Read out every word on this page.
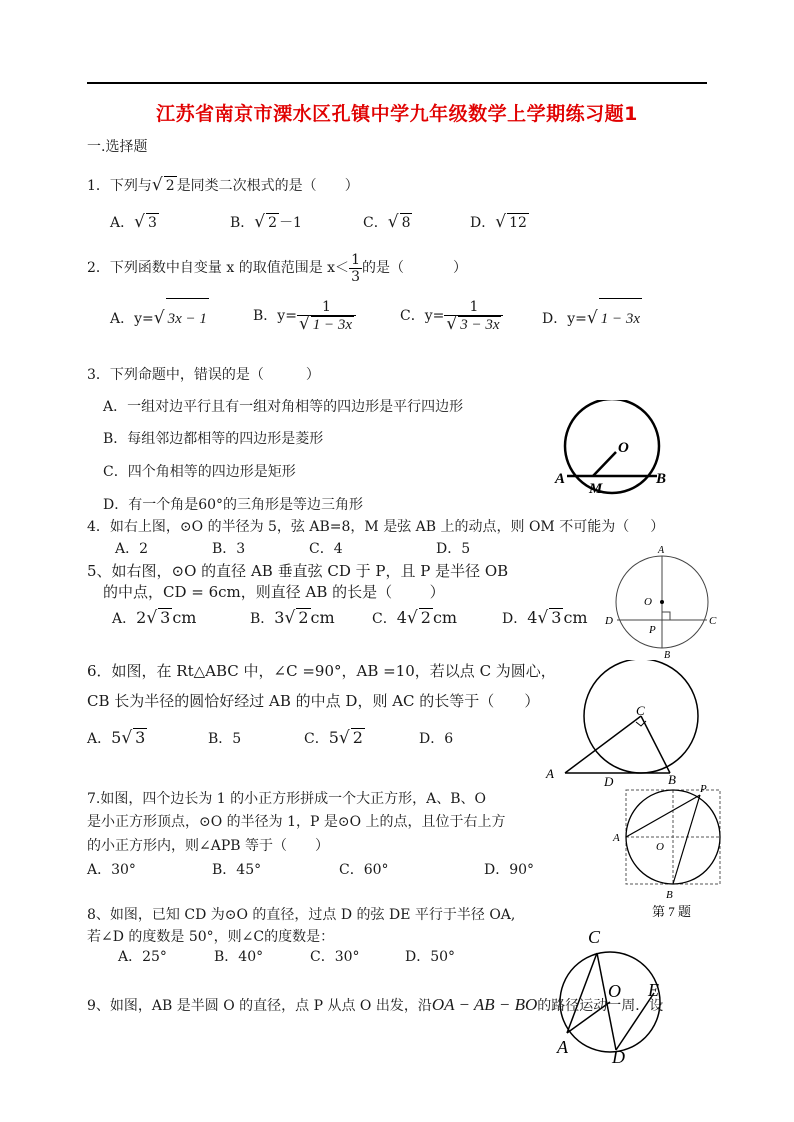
江苏省南京市溧水区孔镇中学九年级数学上学期练习题1
一.选择题
1．下列与√ 2 是同类二次根式的是（   ）
A．√ 3	B．√ 2 －1	C．√ 8	D．√ 12
2．下列函数中自变量 x 的取值范围是 $x< \frac{1}{3}$ 的是（    	）
A．y=√ 3x − 1	B．$y= \frac{1}{√ 1 - 3x}$	C．$y= \frac{1}{√ 3 - 3x}$	D．y=√ 1 − 3x
3．下列命题中，错误的是（   	）
A．一组对边平行且有一组对角相等的四边形是平行四边形
B．每组邻边都相等的四边形是菱形
C．四个角相等的四边形是矩形
D．有一个角是60°的三角形是等边三角形
O
A
M
B
4．如右上图，⊙O 的半径为 5，弦 AB=8，M 是弦 AB 上的动点，则 OM 不可能为（   ）
A．2	B．3	C．4	D．5
5、如右图，⊙O 的直径 AB 垂直弦 CD 于 P，且 P 是半径 OB
的中点，CD = 6cm，则直径 AB 的长是（   	）
A．2√ 3 cm	B．3√ 2 cm	C．4√ 2 cm	D．4√ 3 cm
A
O
D
P
C
B
6．如图，在 Rt△ABC 中，∠C =90°，AB =10，若以点 C 为圆心，
CB 长为半径的圆恰好经过 AB 的中点 D，则 AC 的长等于（   ）
A．5√ 3	B．5	C．5√ 2	D．6
C
A
D	B
7.如图，四个边长为 1 的小正方形拼成一个大正方形，A、B、O
是小正方形顶点，⊙O 的半径为 1，P 是⊙O 上的点，且位于右上方
的小正方形内，则∠APB 等于（   ）
A．30°	B．45°	C．60°	D．90°
P
A
O
B
第 7 题
8、如图，已知 CD 为⊙O 的直径，过点 D 的弦 DE 平行于半径 OA,
若∠D 的度数是 50°，则∠C的度数是：
A．25°	B．40°	C．30°	D．50°
C
O E
A D
9、如图，AB 是半圆 O 的直径，点 P 从点 O 出发，沿OA − AB − BO的路径运动一周．设
